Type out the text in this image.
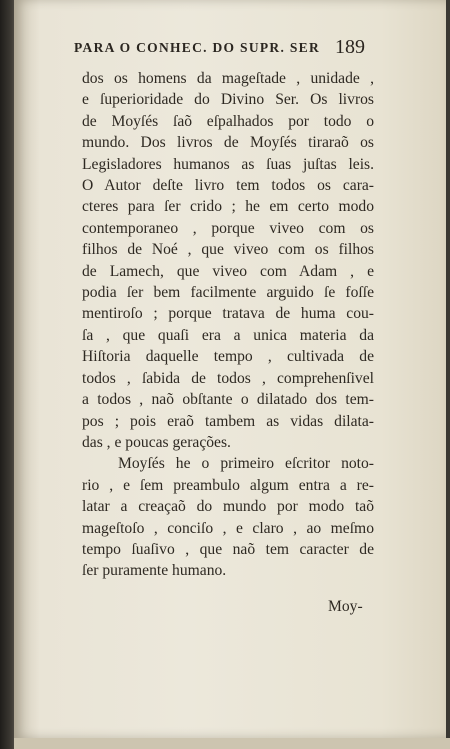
PARA O CONHEC. DO SUPR. SER 189
dos os homens da mageſtade , unidade ,
e ſuperioridade do Divino Ser. Os livros
de Moyſés ſaõ eſpalhados por todo o
mundo. Dos livros de Moyſés tiraraõ os
Legisladores humanos as ſuas juſtas leis.
O Autor deſte livro tem todos os cara-
cteres para ſer crido ; he em certo modo
contemporaneo , porque viveo com os
filhos de Noé , que viveo com os filhos
de Lamech, que viveo com Adam , e
podia ſer bem facilmente arguido ſe foſſe
mentiroſo ; porque tratava de huma cou-
ſa , que quaſi era a unica materia da
Hiſtoria daquelle tempo , cultivada de
todos , ſabida de todos , comprehenſivel
a todos , naõ obſtante o dilatado dos tem-
pos ; pois eraõ tambem as vidas dilata-
das , e poucas gerações.
Moyſés he o primeiro eſcritor noto-
rio , e ſem preambulo algum entra a re-
latar a creaçaõ do mundo por modo taõ
mageſtoſo , conciſo , e claro , ao meſmo
tempo ſuaſivo , que naõ tem caracter de
ſer puramente humano.
Moy-
